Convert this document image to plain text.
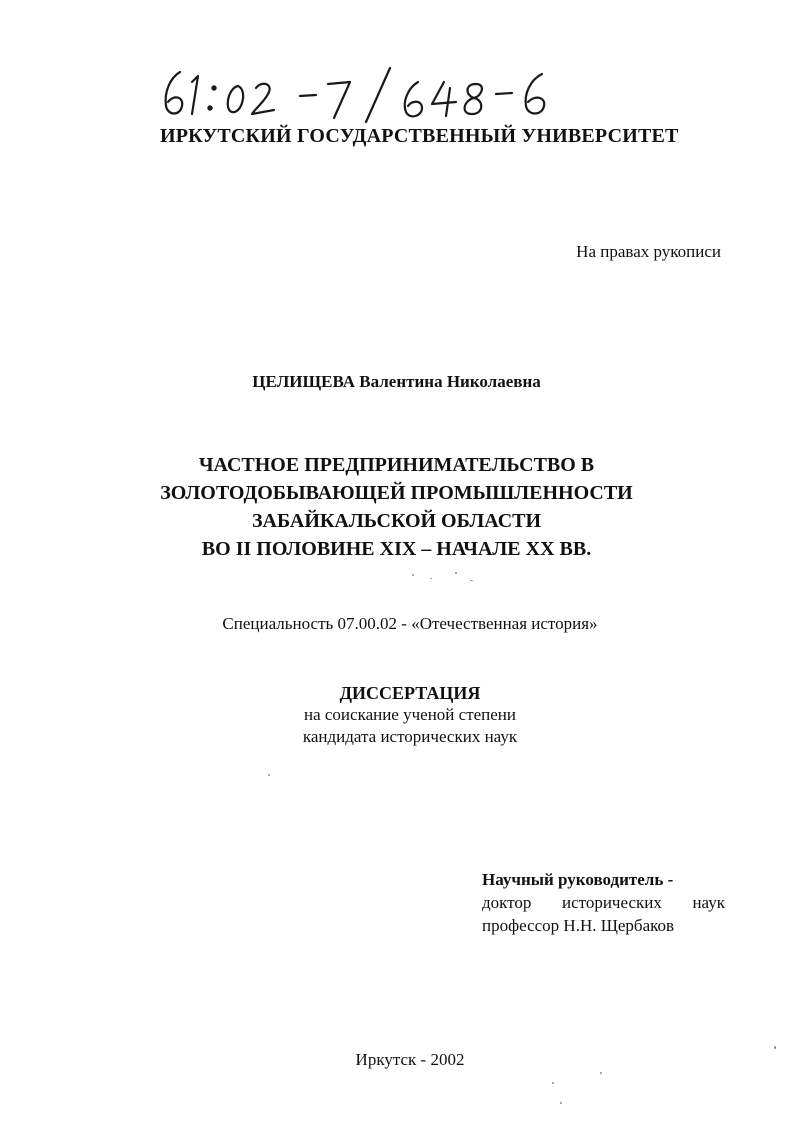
ИРКУТСКИЙ ГОСУДАРСТВЕННЫЙ УНИВЕРСИТЕТ
На правах рукописи
ЦЕЛИЩЕВА Валентина Николаевна
ЧАСТНОЕ ПРЕДПРИНИМАТЕЛЬСТВО В
ЗОЛОТОДОБЫВАЮЩЕЙ ПРОМЫШЛЕННОСТИ
ЗАБАЙКАЛЬСКОЙ ОБЛАСТИ
ВО II ПОЛОВИНЕ XIX – НАЧАЛЕ XX ВВ.
Специальность 07.00.02 - «Отечественная история»
ДИССЕРТАЦИЯ
на соискание ученой степени
кандидата исторических наук
Научный руководитель -
доктор исторических наук
профессор Н.Н. Щербаков
Иркутск - 2002
